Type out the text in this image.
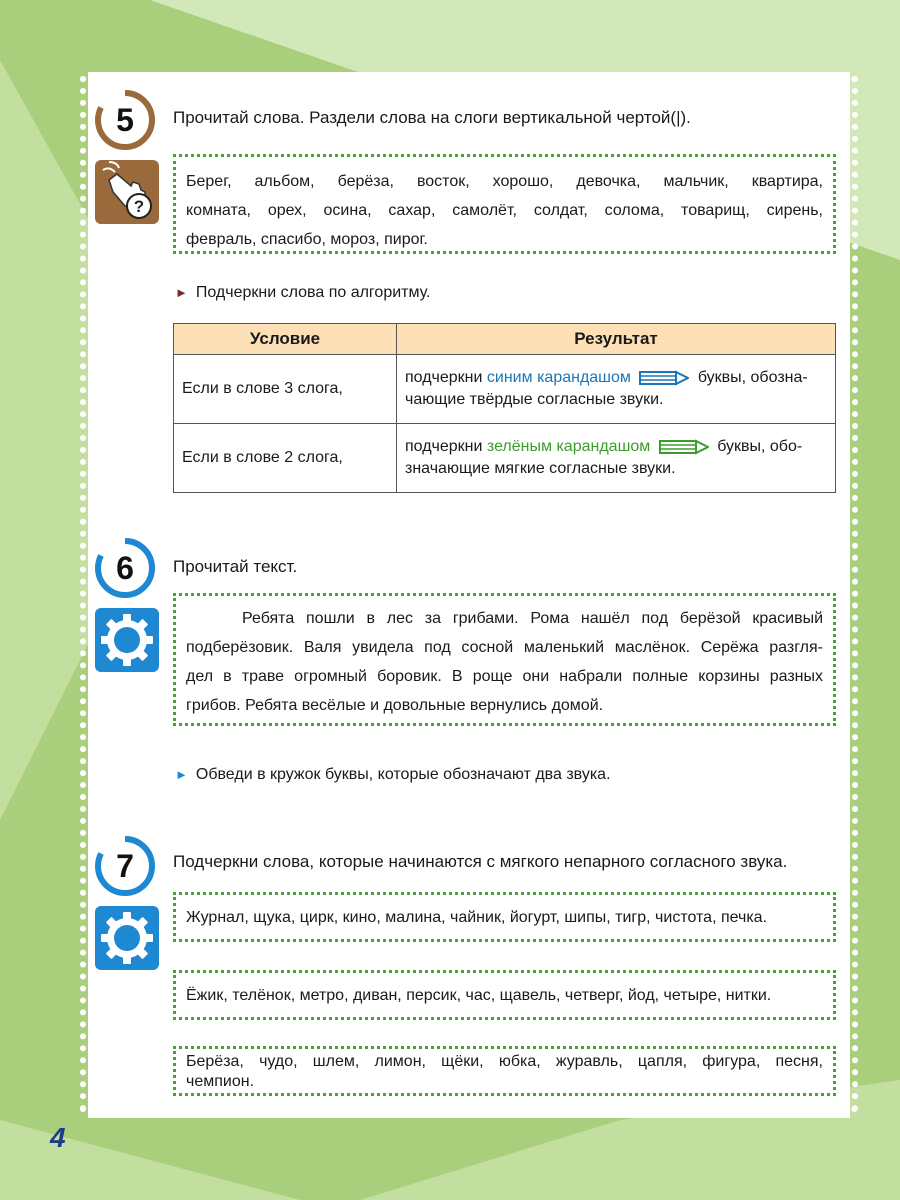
5	Прочитай слова. Раздели слова на слоги вертикальной чертой(|).
?
Берег, альбом, берёза, восток, хорошо, девочка, мальчик, квартира,
комната, орех, осина, сахар, самолёт, солдат, солома, товарищ, сирень,
февраль, спасибо, мороз, пирог.
► Подчеркни слова по алгоритму.
Условие	Результат
Если в слове 3 слога,	подчеркни синим карандашом буквы, обозна-
чающие твёрдые согласные звуки.
Если в слове 2 слога,	подчеркни зелёным карандашом буквы, обо-
значающие мягкие согласные звуки.
6	Прочитай текст.
Ребята пошли в лес за грибами. Рома нашёл под берёзой красивый
подберёзовик. Валя увидела под сосной маленький маслёнок. Серёжа разгля-
дел в траве огромный боровик. В роще они набрали полные корзины разных
грибов. Ребята весёлые и довольные вернулись домой.
► Обведи в кружок буквы, которые обозначают два звука.
7	Подчеркни слова, которые начинаются с мягкого непарного согласного звука.
Журнал, щука, цирк, кино, малина, чайник, йогурт, шипы, тигр, чистота, печка.
Ёжик, телёнок, метро, диван, персик, час, щавель, четверг, йод, четыре, нитки.
Берёза, чудо, шлем, лимон, щёки, юбка, журавль, цапля, фигура, песня,
чемпион.
4
